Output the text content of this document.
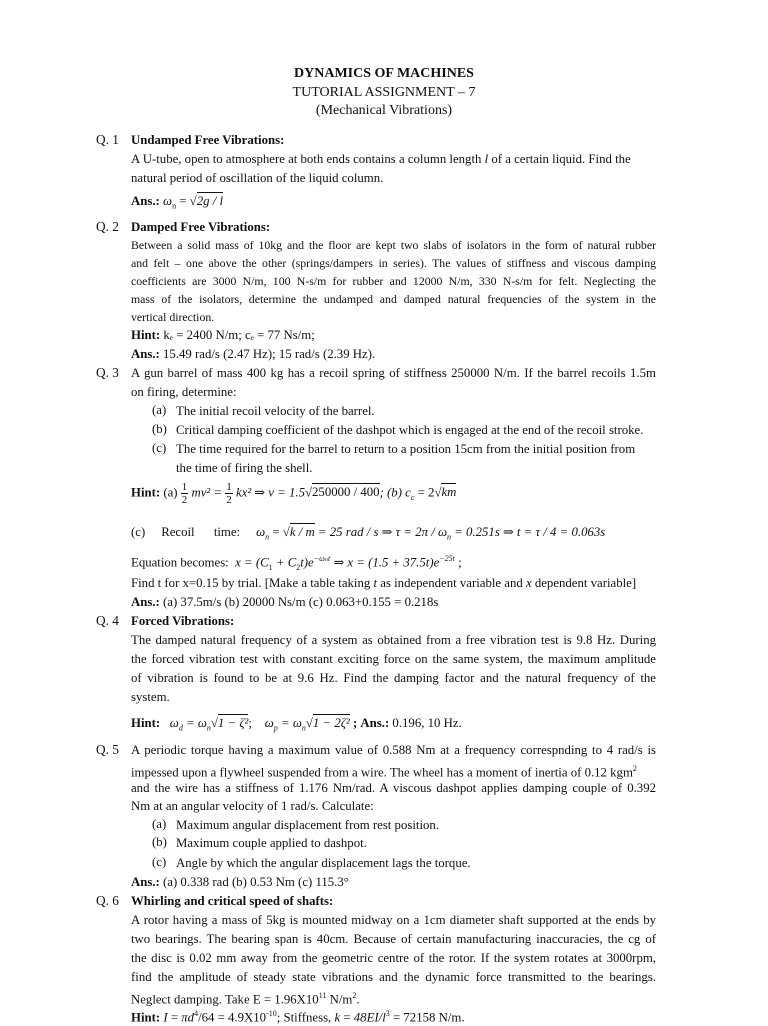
DYNAMICS OF MACHINES
TUTORIAL ASSIGNMENT – 7
(Mechanical Vibrations)
Q. 1 Undamped Free Vibrations:
A U-tube, open to atmosphere at both ends contains a column length l of a certain liquid. Find the
natural period of oscillation of the liquid column.
Ans.: $\omega_n = √2g / l$
Q. 2 Damped Free Vibrations:
Between a solid mass of 10kg and the floor are kept two slabs of isolators in the form of natural rubber
and felt – one above the other (springs/dampers in series). The values of stiffness and viscous damping
coefficients are 3000 N/m, 100 N-s/m for rubber and 12000 N/m, 330 N-s/m for felt. Neglecting the
mass of the isolators, determine the undamped and damped natural frequencies of the system in the
vertical direction.
Hint: kₑ = 2400 N/m; cₑ = 77 Ns/m;
Ans.: 15.49 rad/s (2.47 Hz); 15 rad/s (2.39 Hz).
Q. 3 A gun barrel of mass 400 kg has a recoil spring of stiffness 250000 N/m. If the barrel recoils 1.5m
on firing, determine:
(a) The initial recoil velocity of the barrel.
(b) Critical damping coefficient of the dashpot which is engaged at the end of the recoil stroke.
(c) The time required for the barrel to return to a position 15cm from the initial position from
the time of firing the shell.
Hint: $(a) \frac{1}{2} mv^2 = \frac{1}{2} kx^2$ ⇒ v = 1.5√250000 / 400; (b) $c_c = 2√km$
(c) Recoil time: $\omega_n = √k / m = 25$ rad / s ⇒ $\tau = 2\pi / \omega_n = 0.251s$ ⇒ t = τ / 4 = 0.063s
Equation becomes: $x = (C_1 + C_2t)e^{-\omega_nt}$ ⇒ $x = (1.5 + 37.5t)e^{-25t}$ ;
Find t for x=0.15 by trial. [Make a table taking t as independent variable and x dependent variable]
Ans.: (a) 37.5m/s (b) 20000 Ns/m (c) 0.063+0.155 = 0.218s
Q. 4 Forced Vibrations:
The damped natural frequency of a system as obtained from a free vibration test is 9.8 Hz. During
the forced vibration test with constant exciting force on the same system, the maximum amplitude
of vibration is found to be at 9.6 Hz. Find the damping factor and the natural frequency of the
system.
Hint: $\omega_d = \omega_n√1 - \zeta^2$; $\omega_p = \omega_n√1 - 2\zeta^2$ ; Ans.: 0.196, 10 Hz.
Q. 5 A periodic torque having a maximum value of 0.588 Nm at a frequency correspnding to 4 rad/s is
impessed upon a flywheel suspended from a wire. The wheel has a moment of inertia of 0.12 kgm$^2$
and the wire has a stiffness of 1.176 Nm/rad. A viscous dashpot applies damping couple of 0.392
Nm at an angular velocity of 1 rad/s. Calculate:
(a) Maximum angular displacement from rest position.
(b) Maximum couple applied to dashpot.
(c) Angle by which the angular displacement lags the torque.
Ans.: (a) 0.338 rad (b) 0.53 Nm (c) 115.3°
Q. 6 Whirling and critical speed of shafts:
A rotor having a mass of 5kg is mounted midway on a 1cm diameter shaft supported at the ends by
two bearings. The bearing span is 40cm. Because of certain manufacturing inaccuracies, the cg of
the disc is 0.02 mm away from the geometric centre of the rotor. If the system rotates at 3000rpm,
find the amplitude of steady state vibrations and the dynamic force transmitted to the bearings.
Neglect damping. Take $E = 1.96X10^{11}$ $N/m^2$.
Hint: $I = \pi d^4/64 = 4.9X10^{-10}$; Stiffness, $k = 48EI/l^3 = 72158$ N/m.
